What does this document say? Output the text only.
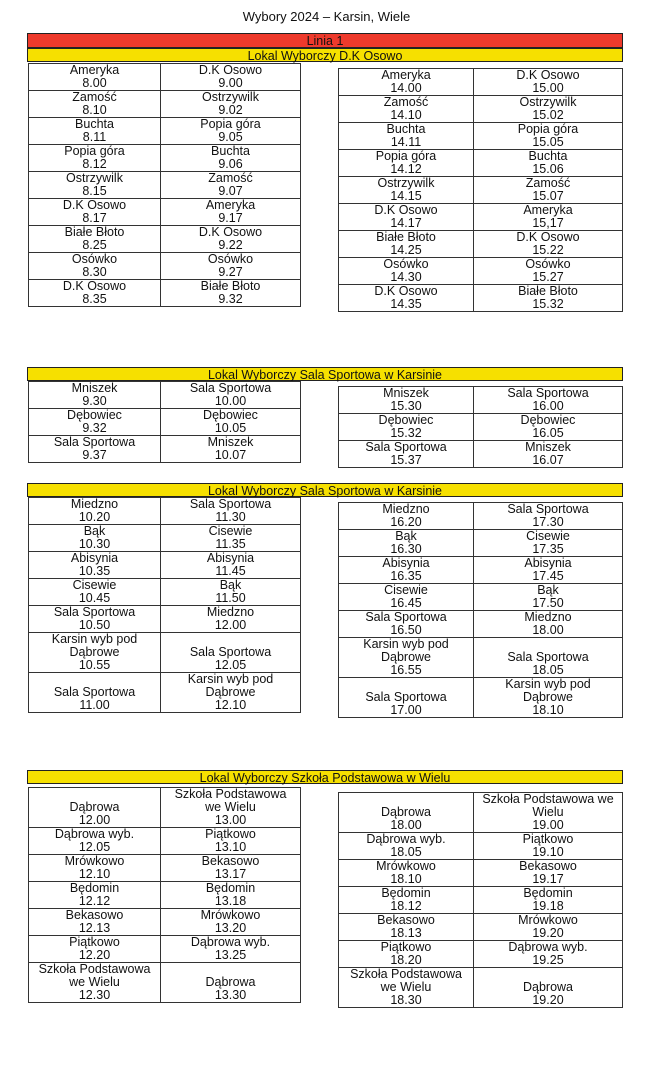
Wybory 2024 – Karsin, Wiele
Linia 1
Lokal Wyborczy D.K Osowo
Ameryka	D.K Osowo
8.00	9.00
Zamość	Ostrzywilk
8.10	9.02
Buchta	Popia góra
8.11	9.05
Popia góra	Buchta
8.12	9.06
Ostrzywilk	Zamość
8.15	9.07
D.K Osowo	Ameryka
8.17	9.17
Białe Błoto	D.K Osowo
8.25	9.22
Osówko	Osówko
8.30	9.27
D.K Osowo	Białe Błoto
8.35	9.32
Ameryka	D.K Osowo
14.00	15.00
Zamość	Ostrzywilk
14.10	15.02
Buchta	Popia góra
14.11	15.05
Popia góra	Buchta
14.12	15.06
Ostrzywilk	Zamość
14.15	15.07
D.K Osowo	Ameryka
14.17	15,17
Białe Błoto	D.K Osowo
14.25	15.22
Osówko	Osówko
14.30	15.27
D.K Osowo	Białe Błoto
14.35	15.32
Lokal Wyborczy Sala Sportowa w Karsinie
Mniszek	Sala Sportowa
9.30	10.00
Dębowiec	Dębowiec
9.32	10.05
Sala Sportowa	Mniszek
9.37	10.07
Mniszek	Sala Sportowa
15.30	16.00
Dębowiec	Dębowiec
15.32	16.05
Sala Sportowa	Mniszek
15.37	16.07
Lokal Wyborczy Sala Sportowa w Karsinie
Miedzno	Sala Sportowa
10.20	11.30
Bąk	Cisewie
10.30	11.35
Abisynia	Abisynia
10.35	11.45
Cisewie	Bąk
10.45	11.50
Sala Sportowa	Miedzno
10.50	12.00
Karsin wyb pod	
Dąbrowe	Sala Sportowa
10.55	12.05
	Karsin wyb pod
Sala Sportowa	Dąbrowe
11.00	12.10
Miedzno	Sala Sportowa
16.20	17.30
Bąk	Cisewie
16.30	17.35
Abisynia	Abisynia
16.35	17.45
Cisewie	Bąk
16.45	17.50
Sala Sportowa	Miedzno
16.50	18.00
Karsin wyb pod	
Dąbrowe	Sala Sportowa
16.55	18.05
	Karsin wyb pod
Sala Sportowa	Dąbrowe
17.00	18.10
Lokal Wyborczy Szkoła Podstawowa w Wielu
	Szkoła Podstawowa
Dąbrowa	we Wielu
12.00	13.00
Dąbrowa wyb.	Piątkowo
12.05	13.10
Mrówkowo	Bekasowo
12.10	13.17
Będomin	Będomin
12.12	13.18
Bekasowo	Mrówkowo
12.13	13.20
Piątkowo	Dąbrowa wyb.
12.20	13.25
Szkoła Podstawowa	
we Wielu	Dąbrowa
12.30	13.30
	Szkoła Podstawowa we
Dąbrowa	Wielu
18.00	19.00
Dąbrowa wyb.	Piątkowo
18.05	19.10
Mrówkowo	Bekasowo
18.10	19.17
Będomin	Będomin
18.12	19.18
Bekasowo	Mrówkowo
18.13	19.20
Piątkowo	Dąbrowa wyb.
18.20	19.25
Szkoła Podstawowa	
we Wielu	Dąbrowa
18.30	19.20
